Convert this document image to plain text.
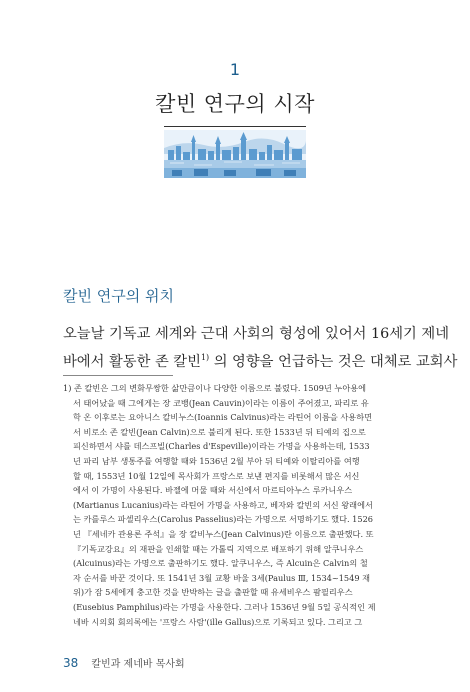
1
칼빈 연구의 시작
칼빈 연구의 위치
오늘날 기독교 세계와 근대 사회의 형성에 있어서 16세기 제네
바에서 활동한 존 칼빈$^{1)}$ 의 영향을 언급하는 것은 대체로 교회사
1) 존 칼빈은 그의 변화무쌍한 삶만큼이나 다양한 이름으로 불렸다. 1509년 누아용에
서 태어났을 때 그에게는 장 코뱅(Jean Cauvin)이라는 이름이 주어졌고, 파리로 유
학 온 이후로는 요아니스 칼비누스(Ioannis Calvinus)라는 라틴어 이름을 사용하면
서 비로소 존 칼빈(Jean Calvin)으로 불리게 된다. 또한 1533년 뒤 티예의 집으로
피신하면서 샤를 데스프빌(Charles d'Espeville)이라는 가명을 사용하는데, 1533
년 파리 남부 생통주를 여행할 때와 1536년 2월 부아 뒤 티예와 이탈리아를 여행
할 때, 1553년 10월 12일에 목사회가 프랑스로 보낸 편지를 비롯해서 많은 서신
에서 이 가명이 사용된다. 바젤에 머물 때와 서신에서 마르티아누스 루카니우스
(Martianus Lucanius)라는 라틴어 가명을 사용하고, 베자와 칼빈의 서신 왕래에서
는 카를루스 파셀리우스(Carolus Passelius)라는 가명으로 서명하기도 했다. 1526
년 『세네카 관용론 주석』을 장 칼비누스(Jean Calvinus)란 이름으로 출판했다. 또
『기독교강요』의 재판을 인쇄할 때는 가톨릭 지역으로 배포하기 위해 알쿠니우스
(Alcuinus)라는 가명으로 출판하기도 했다. 알쿠니우스, 즉 Alcuin은 Calvin의 철
자 순서를 바꾼 것이다. 또 1541년 3월 교황 바울 3세(Paulus Ⅲ, 1534~1549 재
위)가 잠 5세에게 충고한 것을 반박하는 글을 출판할 때 유세비우스 팜필리우스
(Eusebius Pamphilus)라는 가명을 사용한다. 그러나 1536년 9월 5일 공식적인 제
네바 시의회 회의록에는 '프랑스 사람'(ille Gallus)으로 기록되고 있다. 그리고 그
38 칼빈과 제네바 목사회
